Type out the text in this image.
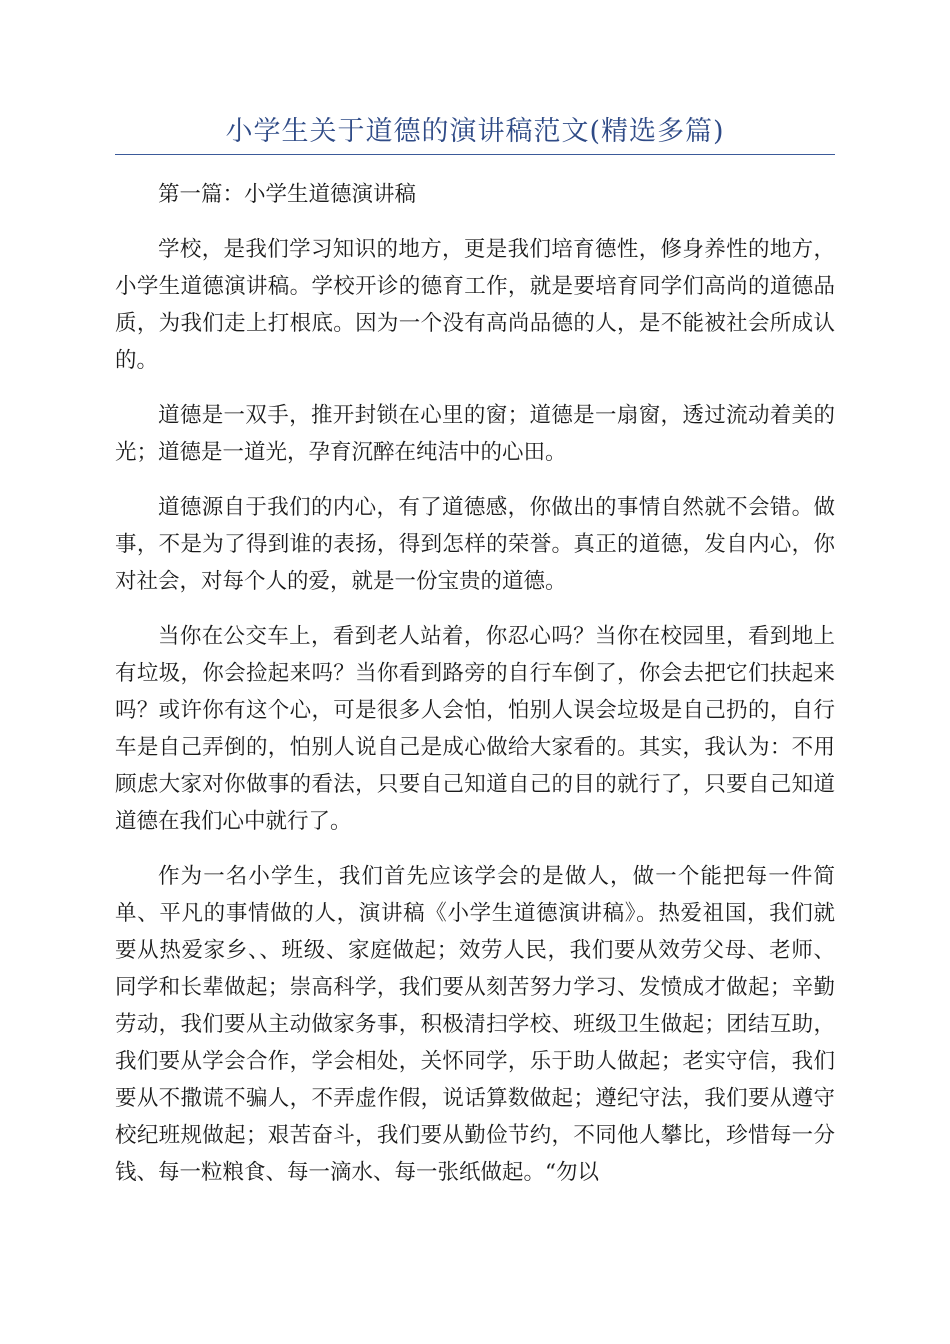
小学生关于道德的演讲稿范文(精选多篇)

第一篇：小学生道德演讲稿

学校，是我们学习知识的地方，更是我们培育德性，修身养性的地方，小学生道德演讲稿。学校开诊的德育工作，就是要培育同学们高尚的道德品质，为我们走上打根底。因为一个没有高尚品德的人，是不能被社会所成认的。

道德是一双手，推开封锁在心里的窗；道德是一扇窗，透过流动着美的光；道德是一道光，孕育沉醉在纯洁中的心田。

道德源自于我们的内心，有了道德感，你做出的事情自然就不会错。做事，不是为了得到谁的表扬，得到怎样的荣誉。真正的道德，发自内心，你对社会，对每个人的爱，就是一份宝贵的道德。

当你在公交车上，看到老人站着，你忍心吗？当你在校园里，看到地上有垃圾，你会捡起来吗？当你看到路旁的自行车倒了，你会去把它们扶起来吗？或许你有这个心，可是很多人会怕，怕别人误会垃圾是自己扔的，自行车是自己弄倒的，怕别人说自己是成心做给大家看的。其实，我认为：不用顾虑大家对你做事的看法，只要自己知道自己的目的就行了，只要自己知道道德在我们心中就行了。

作为一名小学生，我们首先应该学会的是做人，做一个能把每一件简单、平凡的事情做的人，演讲稿《小学生道德演讲稿》。热爱祖国，我们就要从热爱家乡、、班级、家庭做起；效劳人民，我们要从效劳父母、老师、同学和长辈做起；崇高科学，我们要从刻苦努力学习、发愤成才做起；辛勤劳动，我们要从主动做家务事，积极清扫学校、班级卫生做起；团结互助，我们要从学会合作，学会相处，关怀同学，乐于助人做起；老实守信，我们要从不撒谎不骗人，不弄虚作假，说话算数做起；遵纪守法，我们要从遵守校纪班规做起；艰苦奋斗，我们要从勤俭节约，不同他人攀比，珍惜每一分钱、每一粒粮食、每一滴水、每一张纸做起。“勿以
